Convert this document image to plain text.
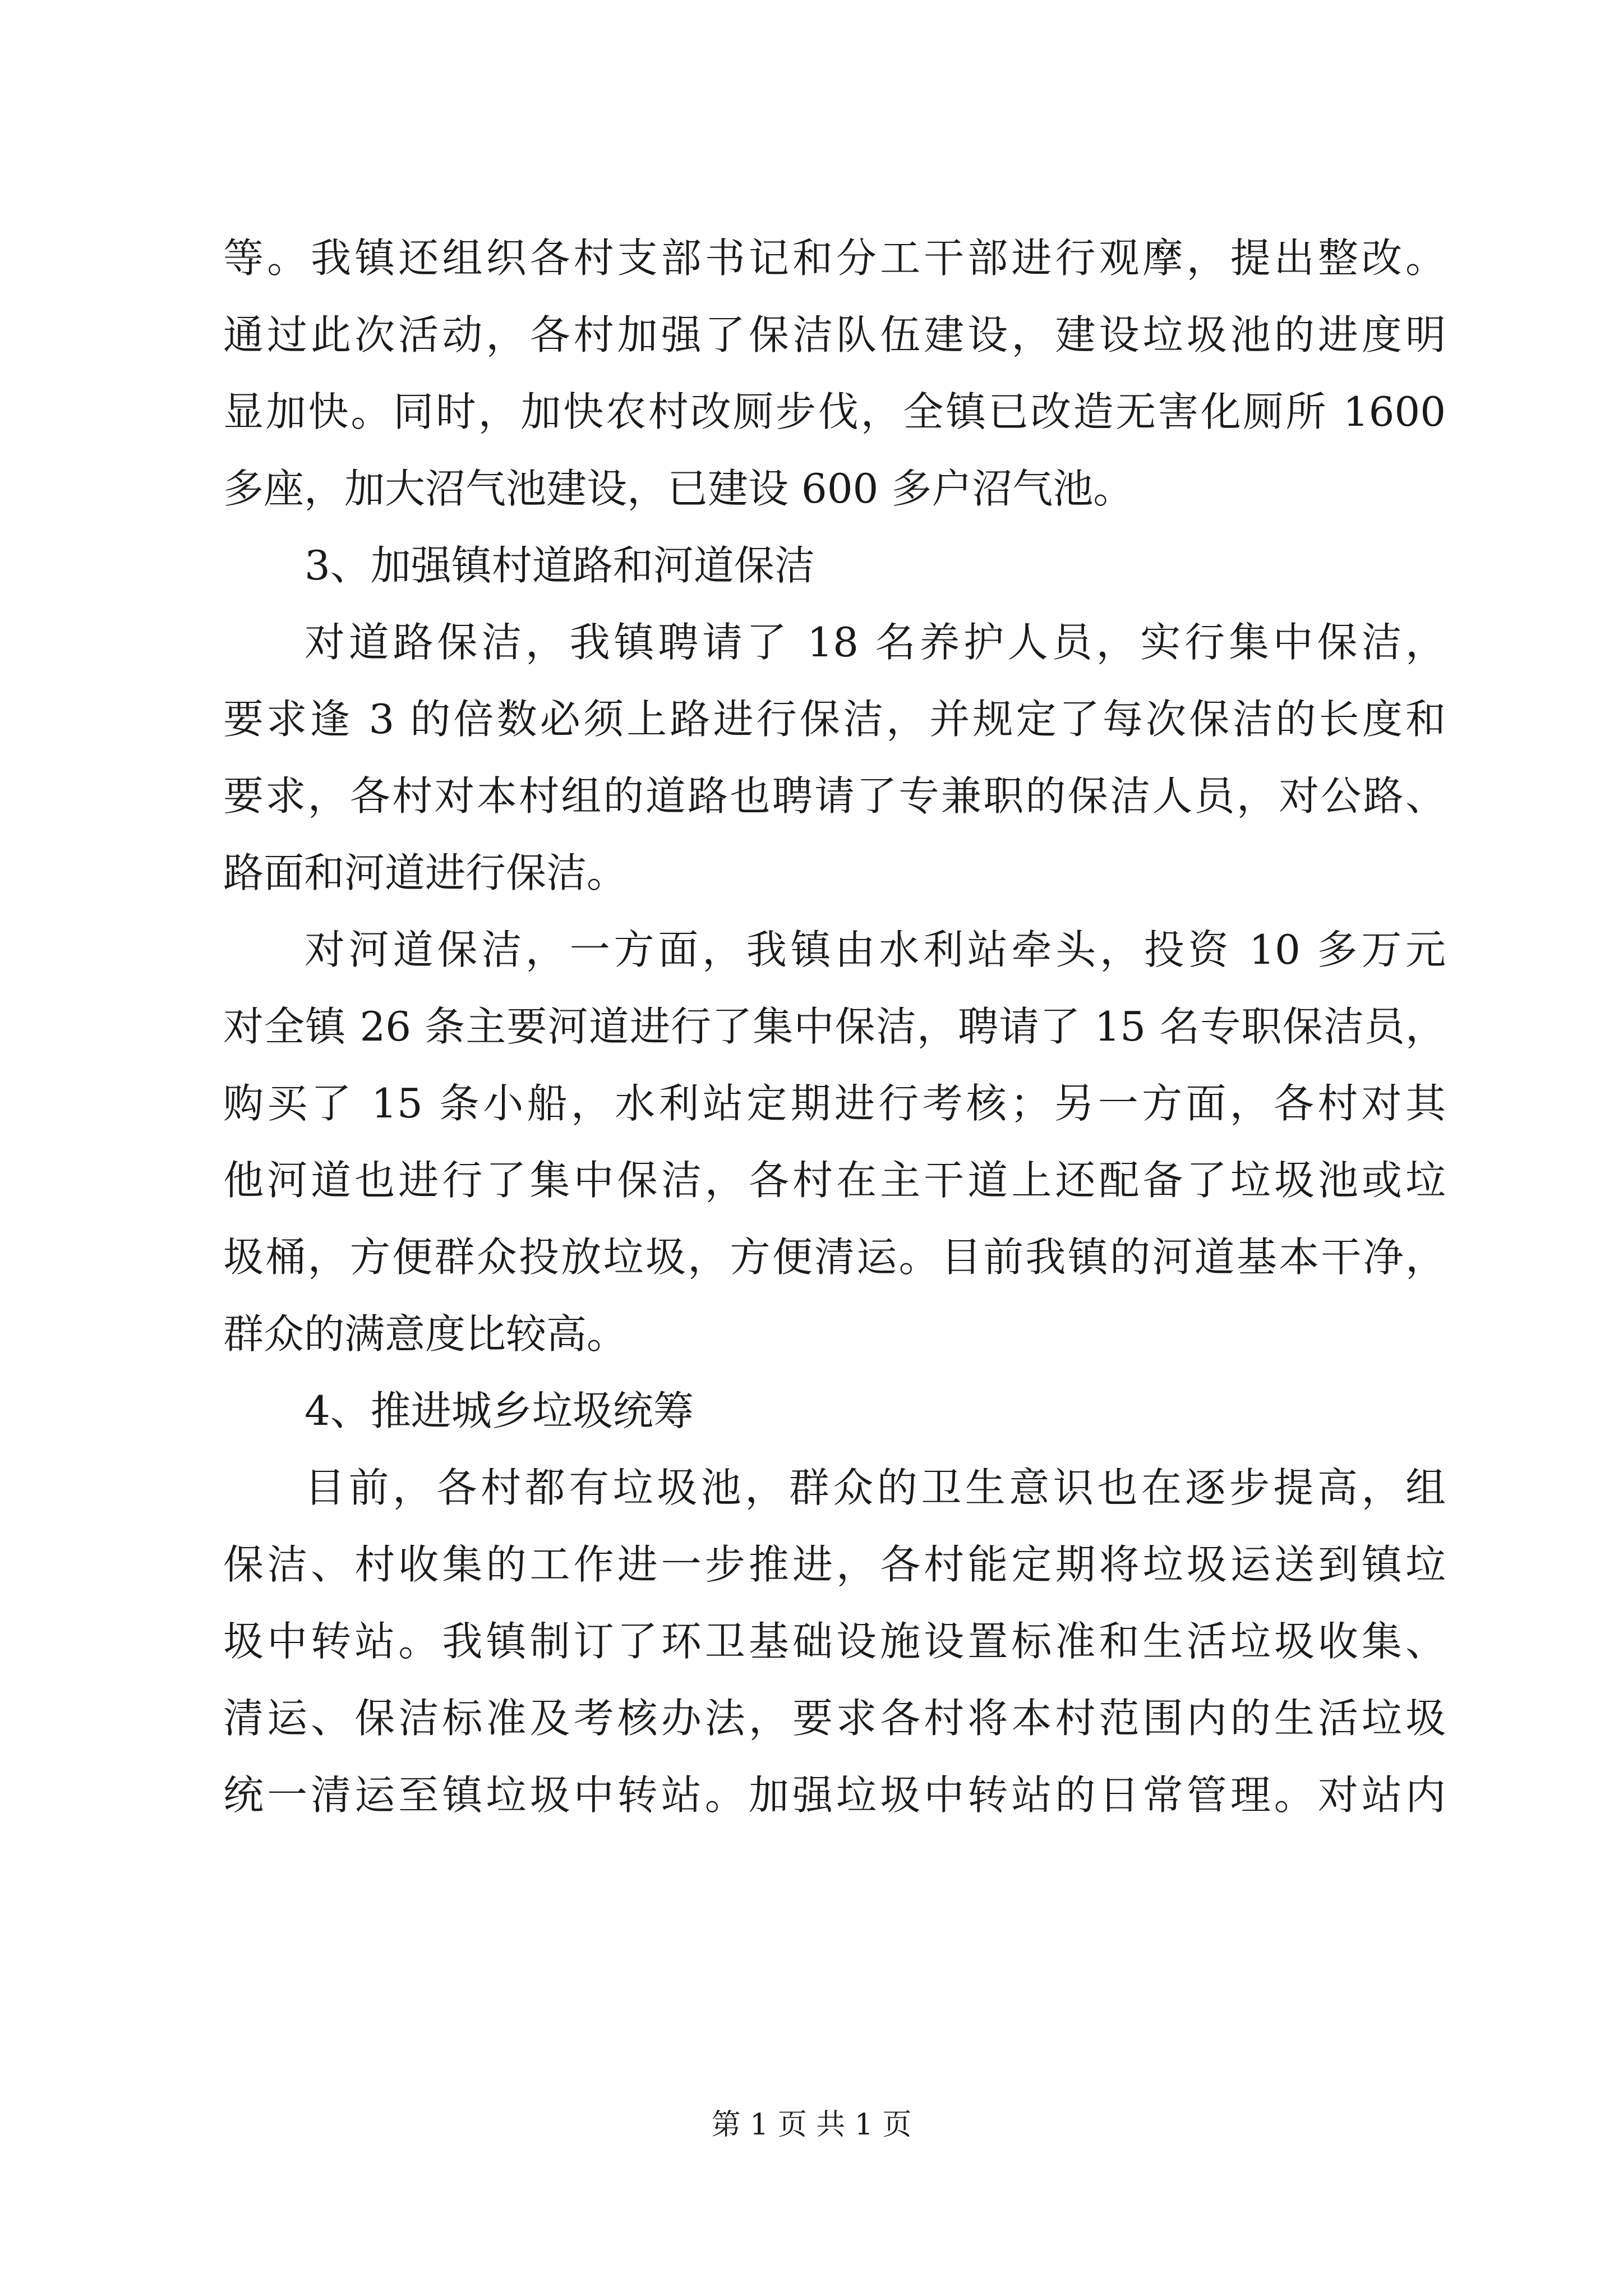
等。我镇还组织各村支部书记和分工干部进行观摩，提出整改。
通过此次活动，各村加强了保洁队伍建设，建设垃圾池的进度明
显加快。同时，加快农村改厕步伐，全镇已改造无害化厕所 1600
多座，加大沼气池建设，已建设 600 多户沼气池。
3、加强镇村道路和河道保洁
对道路保洁，我镇聘请了 18 名养护人员，实行集中保洁，
要求逢 3 的倍数必须上路进行保洁，并规定了每次保洁的长度和
要求，各村对本村组的道路也聘请了专兼职的保洁人员，对公路、
路面和河道进行保洁。
对河道保洁，一方面，我镇由水利站牵头，投资 10 多万元
对全镇 26 条主要河道进行了集中保洁，聘请了 15 名专职保洁员，
购买了 15 条小船，水利站定期进行考核；另一方面，各村对其
他河道也进行了集中保洁，各村在主干道上还配备了垃圾池或垃
圾桶，方便群众投放垃圾，方便清运。目前我镇的河道基本干净，
群众的满意度比较高。
4、推进城乡垃圾统筹
目前，各村都有垃圾池，群众的卫生意识也在逐步提高，组
保洁、村收集的工作进一步推进，各村能定期将垃圾运送到镇垃
圾中转站。我镇制订了环卫基础设施设置标准和生活垃圾收集、
清运、保洁标准及考核办法，要求各村将本村范围内的生活垃圾
统一清运至镇垃圾中转站。加强垃圾中转站的日常管理。对站内
第 1 页 共 1 页
